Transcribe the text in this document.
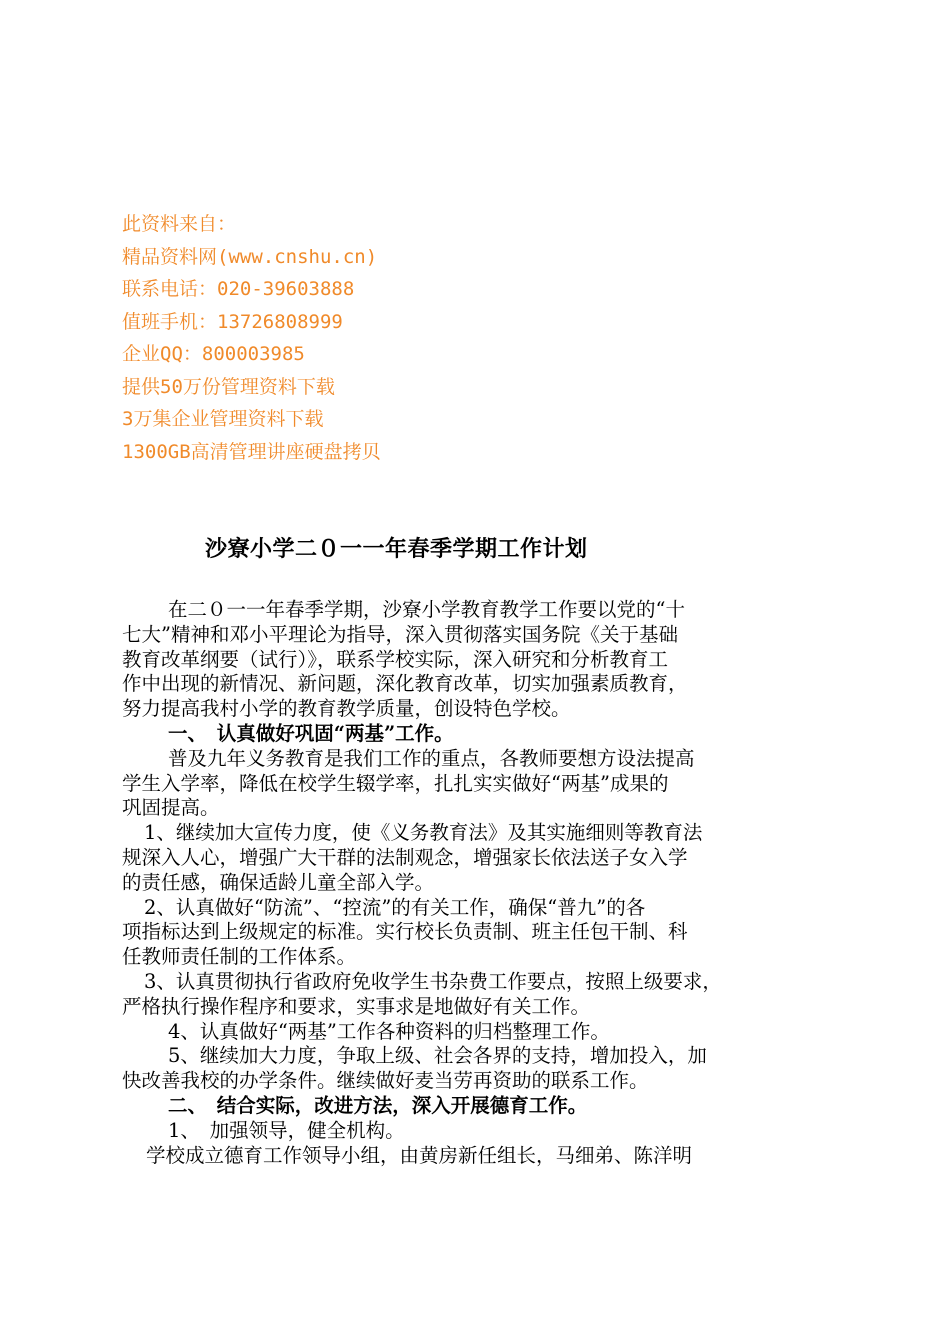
此资料来自：
精品资料网(www.cnshu.cn)
联系电话：020-39603888
值班手机：13726808999
企业QQ：800003985
提供50万份管理资料下载
3万集企业管理资料下载
1300GB高清管理讲座硬盘拷贝
沙寮小学二０一一年春季学期工作计划
在二０一一年春季学期，沙寮小学教育教学工作要以党的“十
七大”精神和邓小平理论为指导，深入贯彻落实国务院《关于基础
教育改革纲要（试行）》，联系学校实际，深入研究和分析教育工
作中出现的新情况、新问题，深化教育改革，切实加强素质教育，
努力提高我村小学的教育教学质量，创设特色学校。
一、　认真做好巩固“两基”工作。
普及九年义务教育是我们工作的重点，各教师要想方设法提高
学生入学率，降低在校学生辍学率，扎扎实实做好“两基”成果的
巩固提高。
1、继续加大宣传力度，使《义务教育法》及其实施细则等教育法
规深入人心，增强广大干群的法制观念，增强家长依法送子女入学
的责任感，确保适龄儿童全部入学。
2、认真做好“防流”、“控流”的有关工作，确保“普九”的各
项指标达到上级规定的标准。实行校长负责制、班主任包干制、科
任教师责任制的工作体系。
3、认真贯彻执行省政府免收学生书杂费工作要点，按照上级要求，
严格执行操作程序和要求，实事求是地做好有关工作。
4、认真做好“两基”工作各种资料的归档整理工作。
5、继续加大力度，争取上级、社会各界的支持，增加投入，加
快改善我校的办学条件。继续做好麦当劳再资助的联系工作。
二、　结合实际，改进方法，深入开展德育工作。
1、　加强领导，健全机构。
学校成立德育工作领导小组，由黄房新任组长，马细弟、陈洋明
